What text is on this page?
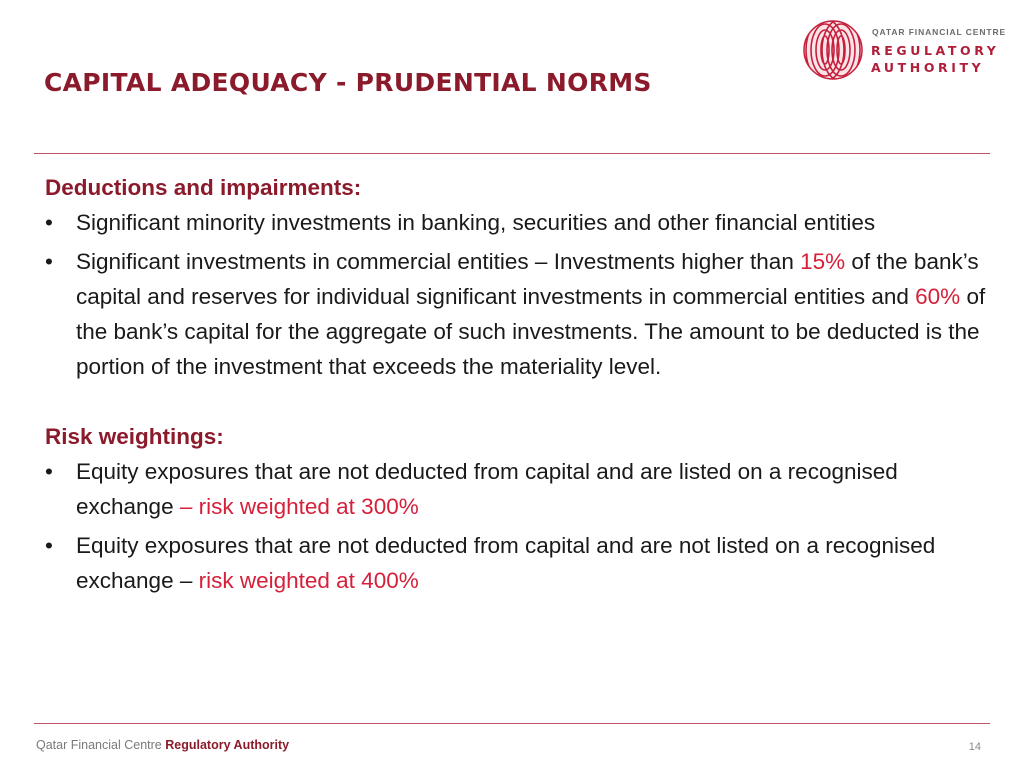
CAPITAL ADEQUACY - PRUDENTIAL NORMS
QATAR FINANCIAL CENTRE
REGULATORY
AUTHORITY
Deductions and impairments:
• Significant minority investments in banking, securities and other financial entities
• Significant investments in commercial entities – Investments higher than 15% of the bank’s capital and reserves for individual significant investments in commercial entities and 60% of the bank’s capital for the aggregate of such investments. The amount to be deducted is the portion of the investment that exceeds the materiality level.
Risk weightings:
• Equity exposures that are not deducted from capital and are listed on a recognised exchange – risk weighted at 300%
• Equity exposures that are not deducted from capital and are not listed on a recognised exchange – risk weighted at 400%
Qatar Financial Centre Regulatory Authority	14
